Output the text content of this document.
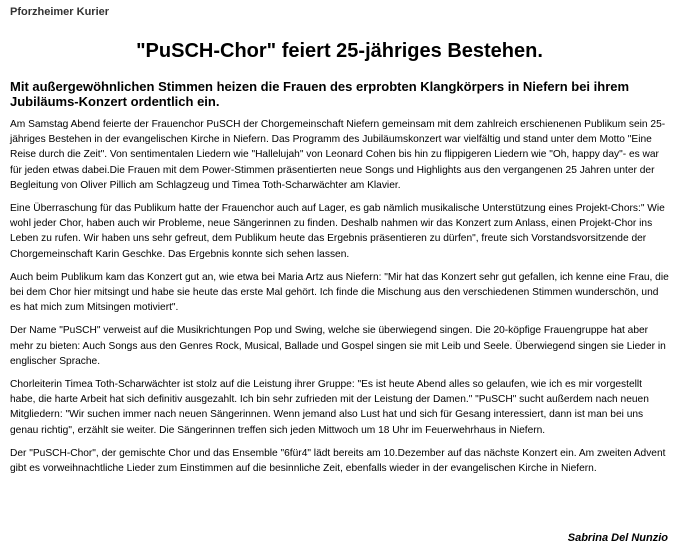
Pforzheimer Kurier
"PuSCH-Chor" feiert 25-jähriges Bestehen.
Mit außergewöhnlichen Stimmen heizen die Frauen des erprobten Klangkörpers in Niefern bei ihrem Jubiläums-Konzert ordentlich ein.

Am Samstag Abend feierte der Frauenchor PuSCH der Chorgemeinschaft Niefern gemeinsam mit dem zahlreich erschienenen Publikum sein 25-jähriges Bestehen in der evangelischen Kirche in Niefern. Das Programm des Jubiläumskonzert war vielfältig und stand unter dem Motto "Eine Reise durch die Zeit". Von sentimentalen Liedern wie "Hallelujah" von Leonard Cohen bis hin zu flippigeren Liedern wie "Oh, happy day"- es war für jeden etwas dabei.Die Frauen mit dem Power-Stimmen präsentierten neue Songs und Highlights aus den vergangenen 25 Jahren unter der Begleitung von Oliver Pillich am Schlagzeug und Timea Toth-Scharwächter am Klavier.

Eine Überraschung für das Publikum hatte der Frauenchor auch auf Lager, es gab nämlich musikalische Unterstützung eines Projekt-Chors:" Wie wohl jeder Chor, haben auch wir Probleme, neue Sängerinnen zu finden. Deshalb nahmen wir das Konzert zum Anlass, einen Projekt-Chor ins Leben zu rufen. Wir haben uns sehr gefreut, dem Publikum heute das Ergebnis präsentieren zu dürfen", freute sich Vorstandsvorsitzende der Chorgemeinschaft Karin Geschke. Das Ergebnis konnte sich sehen lassen.

Auch beim Publikum kam das Konzert gut an, wie etwa bei Maria Artz aus Niefern: "Mir hat das Konzert sehr gut gefallen, ich kenne eine Frau, die bei dem Chor hier mitsingt und habe sie heute das erste Mal gehört. Ich finde die Mischung aus den verschiedenen Stimmen wunderschön, und es hat mich zum Mitsingen motiviert".

Der Name "PuSCH" verweist auf die Musikrichtungen Pop und Swing, welche sie überwiegend singen. Die 20-köpfige Frauengruppe hat aber mehr zu bieten: Auch Songs aus den Genres Rock, Musical, Ballade und Gospel singen sie mit Leib und Seele. Überwiegend singen sie Lieder in englischer Sprache.

Chorleiterin Timea Toth-Scharwächter ist stolz auf die Leistung ihrer Gruppe: "Es ist heute Abend alles so gelaufen, wie ich es mir vorgestellt habe, die harte Arbeit hat sich definitiv ausgezahlt. Ich bin sehr zufrieden mit der Leistung der Damen." "PuSCH" sucht außerdem nach neuen Mitgliedern: "Wir suchen immer nach neuen Sängerinnen. Wenn jemand also Lust hat und sich für Gesang interessiert, dann ist man bei uns genau richtig", erzählt sie weiter. Die Sängerinnen treffen sich jeden Mittwoch um 18 Uhr im Feuerwehrhaus in Niefern.

Der "PuSCH-Chor", der gemischte Chor und das Ensemble "6für4" lädt bereits am 10.Dezember auf das nächste Konzert ein. Am zweiten Advent gibt es vorweihnachtliche Lieder zum Einstimmen auf die besinnliche Zeit, ebenfalls wieder in der evangelischen Kirche in Niefern.

Sabrina Del Nunzio
